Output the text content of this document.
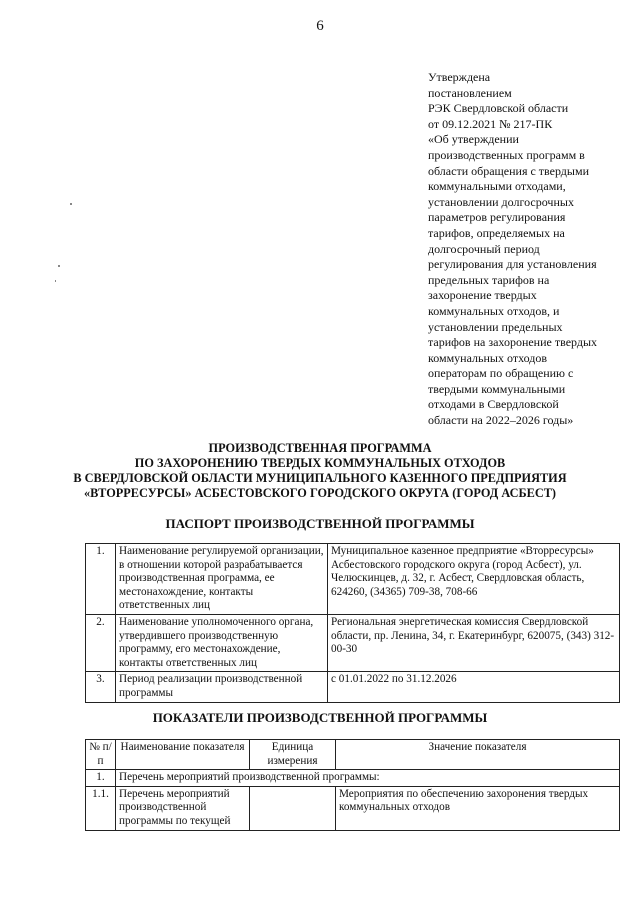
6
Утверждена
постановлением
РЭК Свердловской области
от 09.12.2021 № 217-ПК
«Об утверждении
производственных программ в
области обращения с твердыми
коммунальными отходами,
установлении долгосрочных
параметров регулирования
тарифов, определяемых на
долгосрочный период
регулирования для установления
предельных тарифов на
захоронение твердых
коммунальных отходов, и
установлении предельных
тарифов на захоронение твердых
коммунальных отходов
операторам по обращению с
твердыми коммунальными
отходами в Свердловской
области на 2022–2026 годы»
ПРОИЗВОДСТВЕННАЯ ПРОГРАММА
ПО ЗАХОРОНЕНИЮ ТВЕРДЫХ КОММУНАЛЬНЫХ ОТХОДОВ
В СВЕРДЛОВСКОЙ ОБЛАСТИ МУНИЦИПАЛЬНОГО КАЗЕННОГО ПРЕДПРИЯТИЯ
«ВТОРРЕСУРСЫ» АСБЕСТОВСКОГО ГОРОДСКОГО ОКРУГА (ГОРОД АСБЕСТ)
ПАСПОРТ ПРОИЗВОДСТВЕННОЙ ПРОГРАММЫ
1.	Наименование регулируемой организации, в отношении которой разрабатывается производственная программа, ее местонахождение, контакты ответственных лиц	Муниципальное казенное предприятие «Вторресурсы» Асбестовского городского округа (город Асбест), ул. Челюскинцев, д. 32, г. Асбест, Свердловская область, 624260, (34365) 709-38, 708-66
2.	Наименование уполномоченного органа, утвердившего производственную программу, его местонахождение, контакты ответственных лиц	Региональная энергетическая комиссия Свердловской области, пр. Ленина, 34, г. Екатеринбург, 620075, (343) 312-00-30
3.	Период реализации производственной программы	с 01.01.2022 по 31.12.2026
ПОКАЗАТЕЛИ ПРОИЗВОДСТВЕННОЙ ПРОГРАММЫ
№ п/п	Наименование показателя	Единица измерения	Значение показателя
1.	Перечень мероприятий производственной программы:		
1.1.	Перечень мероприятий производственной программы по текущей		Мероприятия по обеспечению захоронения твердых коммунальных отходов
